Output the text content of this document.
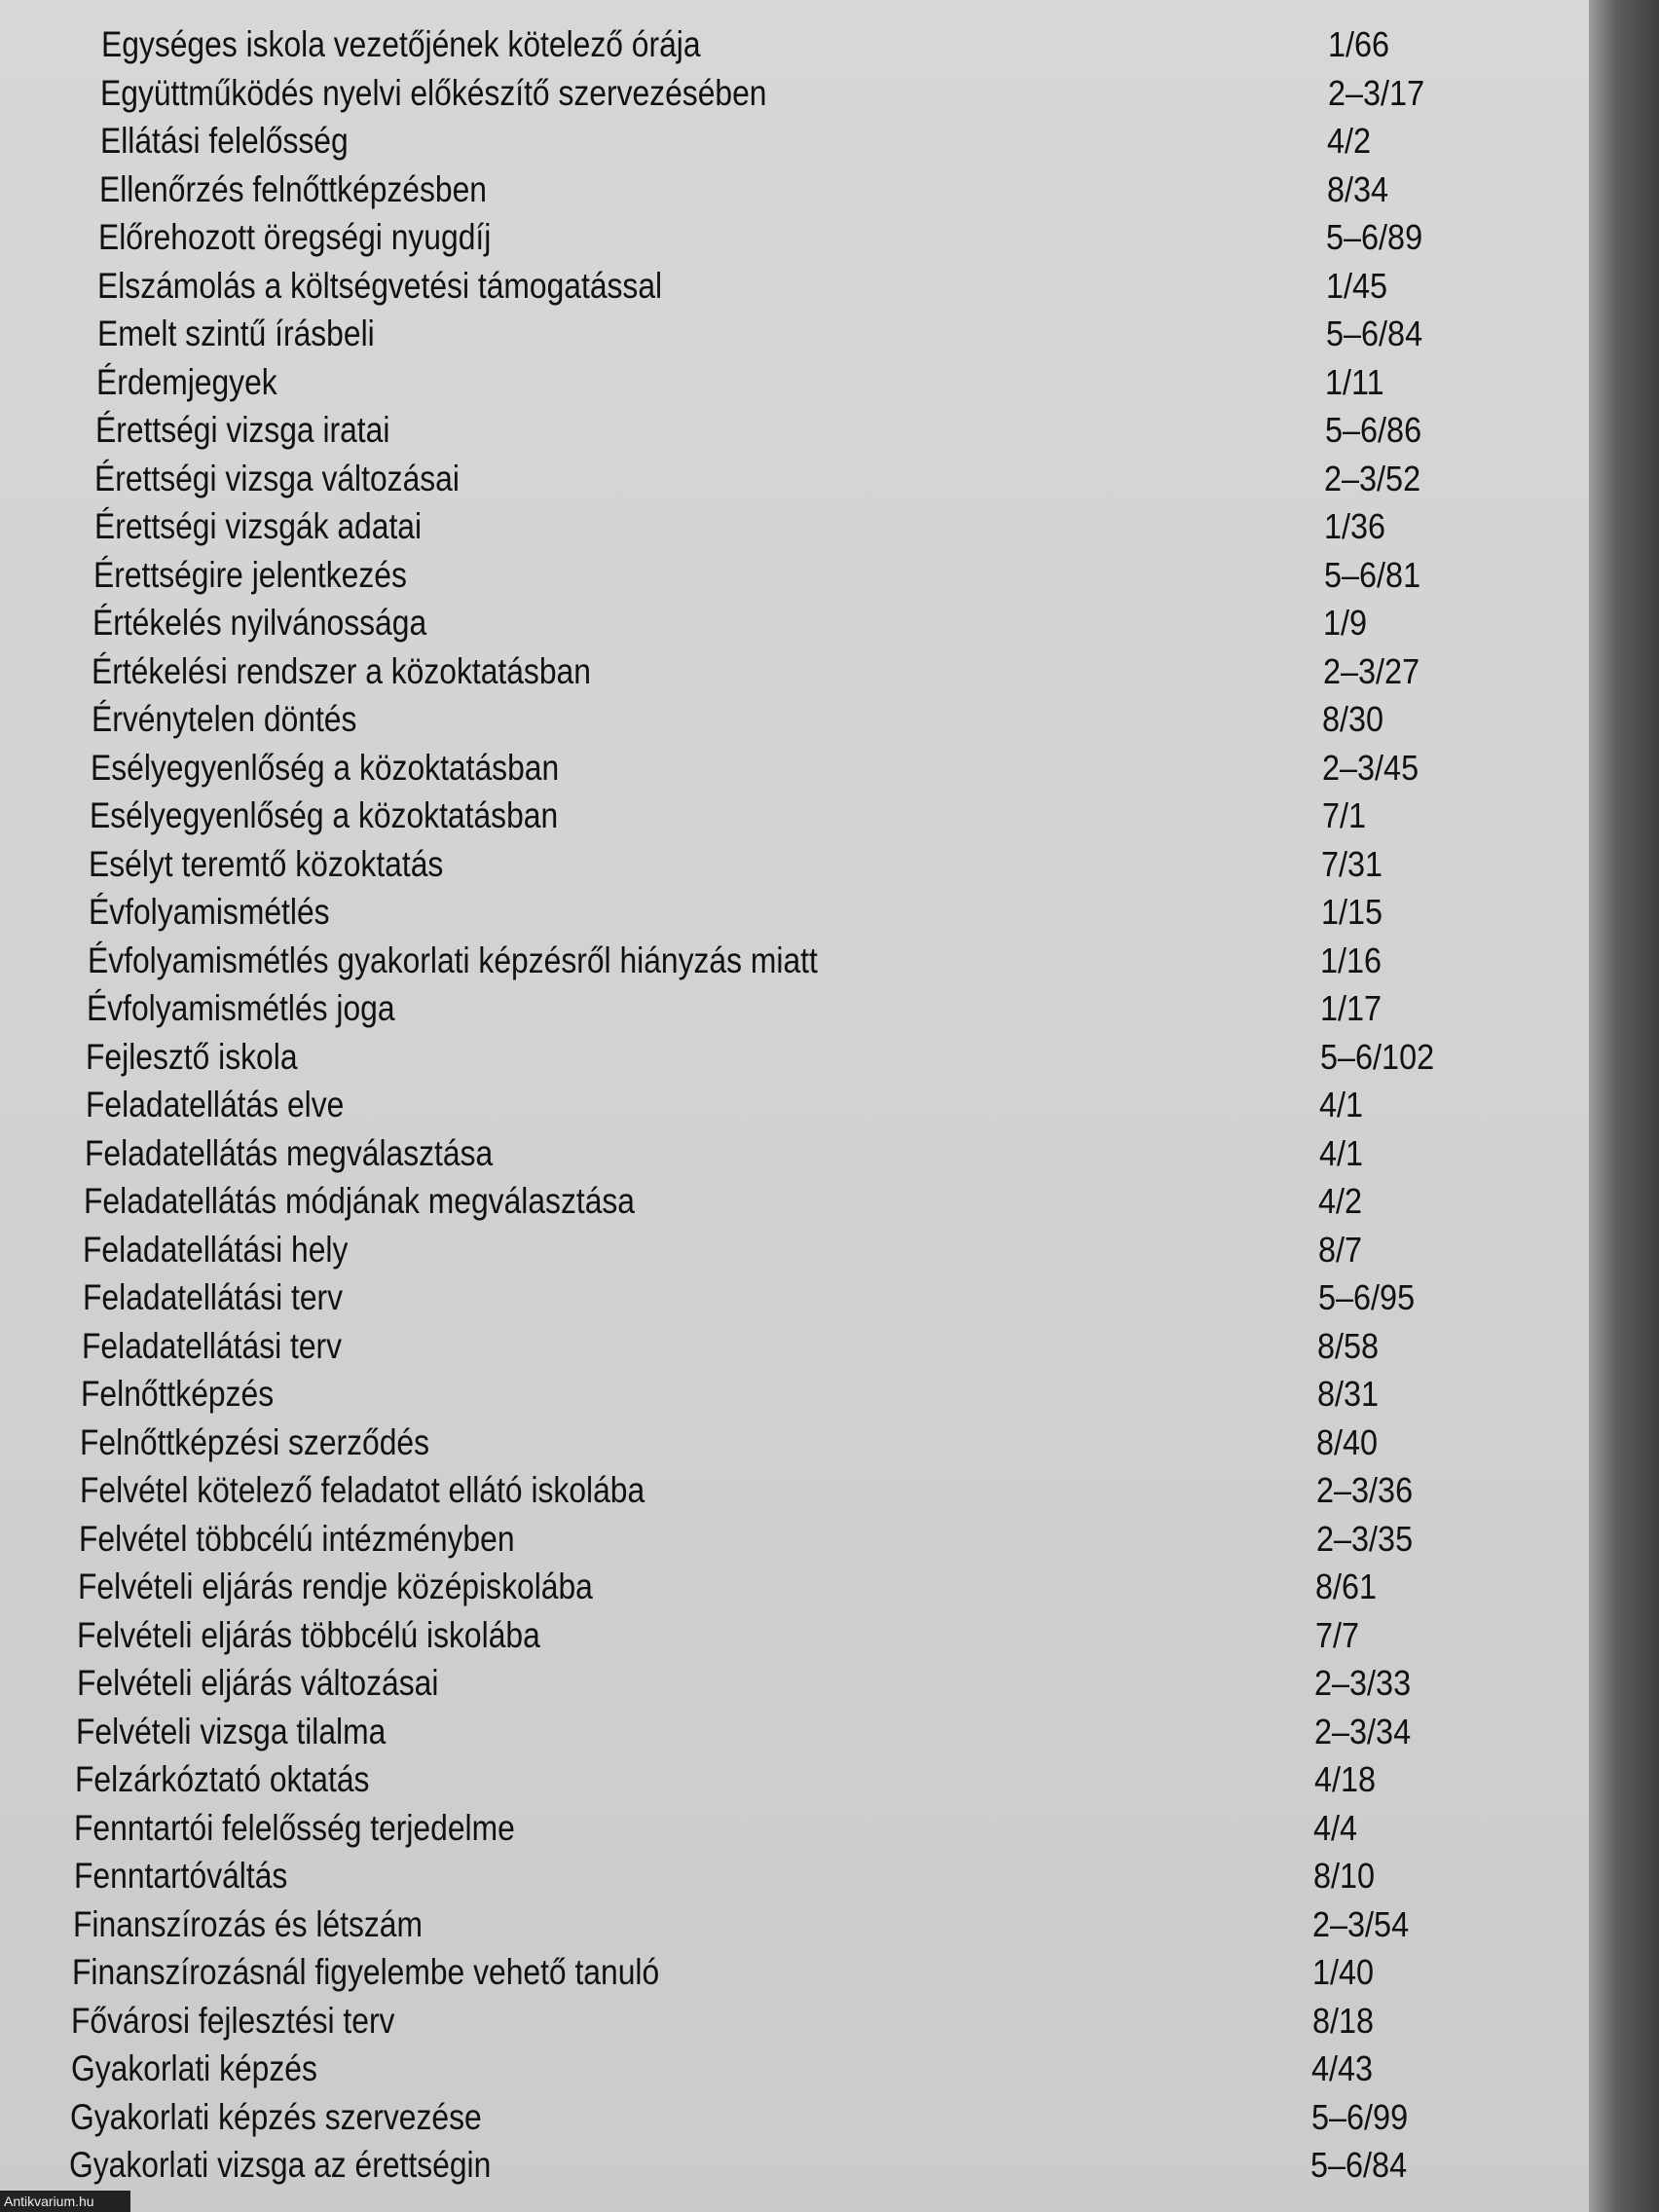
Egységes iskola vezetőjének kötelező órája	1/66
Együttműködés nyelvi előkészítő szervezésében	2–3/17
Ellátási felelősség	4/2
Ellenőrzés felnőttképzésben	8/34
Előrehozott öregségi nyugdíj	5–6/89
Elszámolás a költségvetési támogatással	1/45
Emelt szintű írásbeli	5–6/84
Érdemjegyek	1/11
Érettségi vizsga iratai	5–6/86
Érettségi vizsga változásai	2–3/52
Érettségi vizsgák adatai	1/36
Érettségire jelentkezés	5–6/81
Értékelés nyilvánossága	1/9
Értékelési rendszer a közoktatásban	2–3/27
Érvénytelen döntés	8/30
Esélyegyenlőség a közoktatásban	2–3/45
Esélyegyenlőség a közoktatásban	7/1
Esélyt teremtő közoktatás	7/31
Évfolyamismétlés	1/15
Évfolyamismétlés gyakorlati képzésről hiányzás miatt	1/16
Évfolyamismétlés joga	1/17
Fejlesztő iskola	5–6/102
Feladatellátás elve	4/1
Feladatellátás megválasztása	4/1
Feladatellátás módjának megválasztása	4/2
Feladatellátási hely	8/7
Feladatellátási terv	5–6/95
Feladatellátási terv	8/58
Felnőttképzés	8/31
Felnőttképzési szerződés	8/40
Felvétel kötelező feladatot ellátó iskolába	2–3/36
Felvétel többcélú intézményben	2–3/35
Felvételi eljárás rendje középiskolába	8/61
Felvételi eljárás többcélú iskolába	7/7
Felvételi eljárás változásai	2–3/33
Felvételi vizsga tilalma	2–3/34
Felzárkóztató oktatás	4/18
Fenntartói felelősség terjedelme	4/4
Fenntartóváltás	8/10
Finanszírozás és létszám	2–3/54
Finanszírozásnál figyelembe vehető tanuló	1/40
Fővárosi fejlesztési terv	8/18
Gyakorlati képzés	4/43
Gyakorlati képzés szervezése	5–6/99
Gyakorlati vizsga az érettségin	5–6/84
Antikvarium.hu
